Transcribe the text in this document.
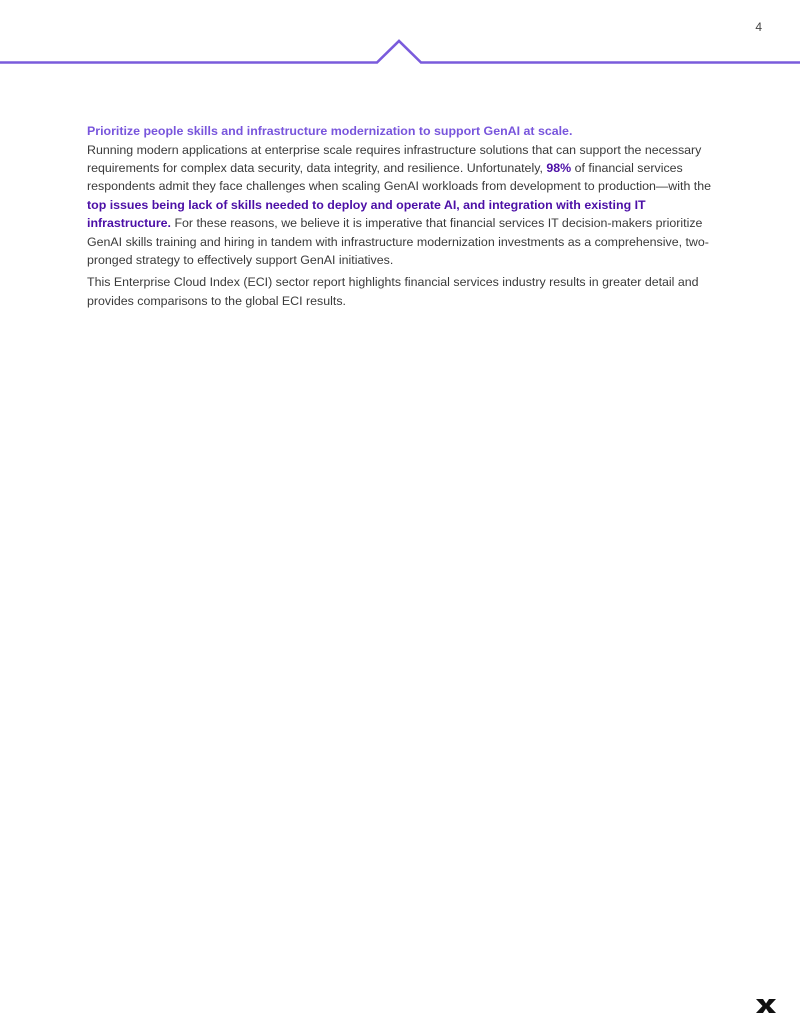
4

Prioritize people skills and infrastructure modernization to support GenAI at scale.

Running modern applications at enterprise scale requires infrastructure solutions that can support the necessary requirements for complex data security, data integrity, and resilience. Unfortunately, 98% of financial services respondents admit they face challenges when scaling GenAI workloads from development to production—with the top issues being lack of skills needed to deploy and operate AI, and integration with existing IT infrastructure. For these reasons, we believe it is imperative that financial services IT decision-makers prioritize GenAI skills training and hiring in tandem with infrastructure modernization investments as a comprehensive, two-pronged strategy to effectively support GenAI initiatives.

This Enterprise Cloud Index (ECI) sector report highlights financial services industry results in greater detail and provides comparisons to the global ECI results.
